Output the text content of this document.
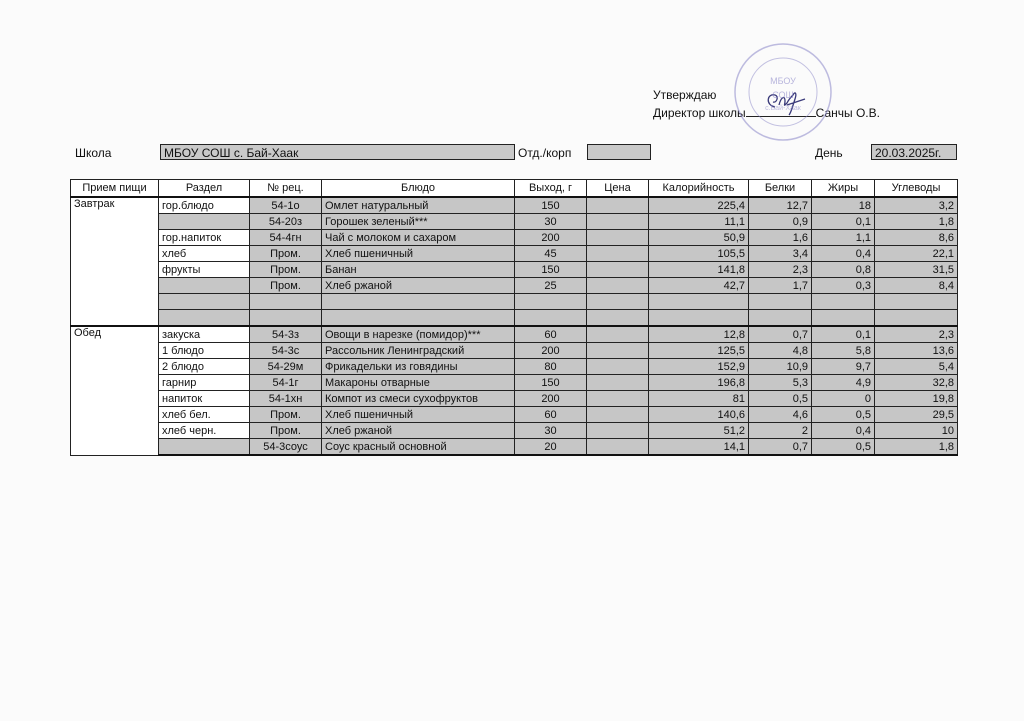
Утверждаю
Директор школы	Санчы О.В.
МБОУ
СОШ
с.Бай-Хаак
Школа	МБОУ СОШ с. Бай-Хаак	Отд./корп	День	20.03.2025г.
Прием пищи	Раздел	№ рец.	Блюдо	Выход, г	Цена	Калорийность	Белки	Жиры	Углеводы
Завтрак	гор.блюдо	54-1о	Омлет натуральный	150		225,4	12,7	18	3,2
		54-20з	Горошек зеленый***	30		11,1	0,9	0,1	1,8
	гор.напиток	54-4гн	Чай с молоком и сахаром	200		50,9	1,6	1,1	8,6
	хлеб	Пром.	Хлеб пшеничный	45		105,5	3,4	0,4	22,1
	фрукты	Пром.	Банан	150		141,8	2,3	0,8	31,5
		Пром.	Хлеб ржаной	25		42,7	1,7	0,3	8,4

Обед	закуска	54-3з	Овощи в нарезке (помидор)***	60		12,8	0,7	0,1	2,3
	1 блюдо	54-3с	Рассольник Ленинградский	200		125,5	4,8	5,8	13,6
	2 блюдо	54-29м	Фрикадельки из говядины	80		152,9	10,9	9,7	5,4
	гарнир	54-1г	Макароны отварные	150		196,8	5,3	4,9	32,8
	напиток	54-1хн	Компот из смеси сухофруктов	200		81	0,5	0	19,8
	хлеб бел.	Пром.	Хлеб пшеничный	60		140,6	4,6	0,5	29,5
	хлеб черн.	Пром.	Хлеб ржаной	30		51,2	2	0,4	10
		54-3соус	Соус красный основной	20		14,1	0,7	0,5	1,8
